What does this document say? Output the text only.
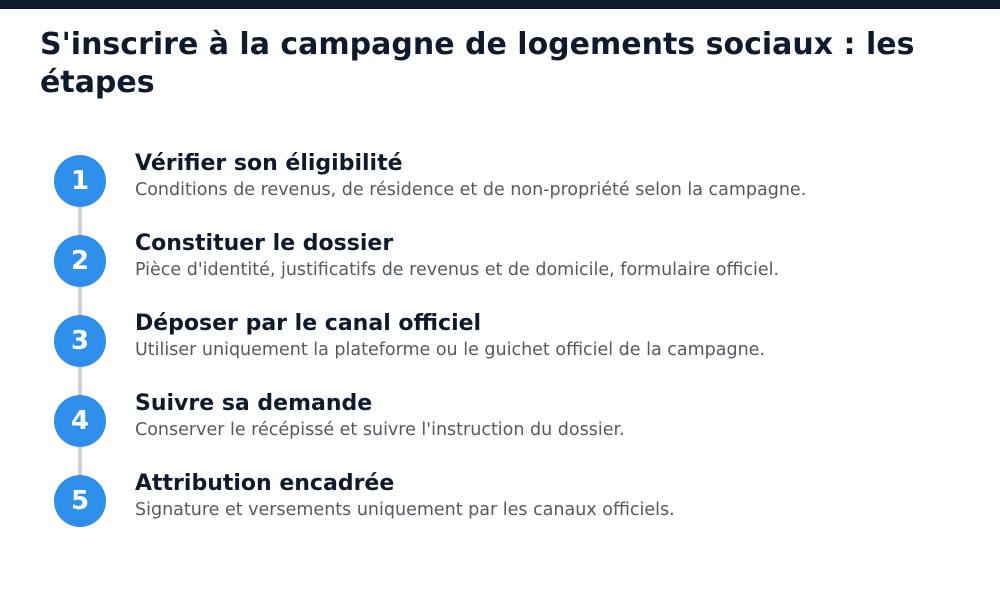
S'inscrire à la campagne de logements sociaux : les étapes
1
Vérifier son éligibilité
Conditions de revenus, de résidence et de non-propriété selon la campagne.
2
Constituer le dossier
Pièce d'identité, justificatifs de revenus et de domicile, formulaire officiel.
3
Déposer par le canal officiel
Utiliser uniquement la plateforme ou le guichet officiel de la campagne.
4
Suivre sa demande
Conserver le récépissé et suivre l'instruction du dossier.
5
Attribution encadrée
Signature et versements uniquement par les canaux officiels.
